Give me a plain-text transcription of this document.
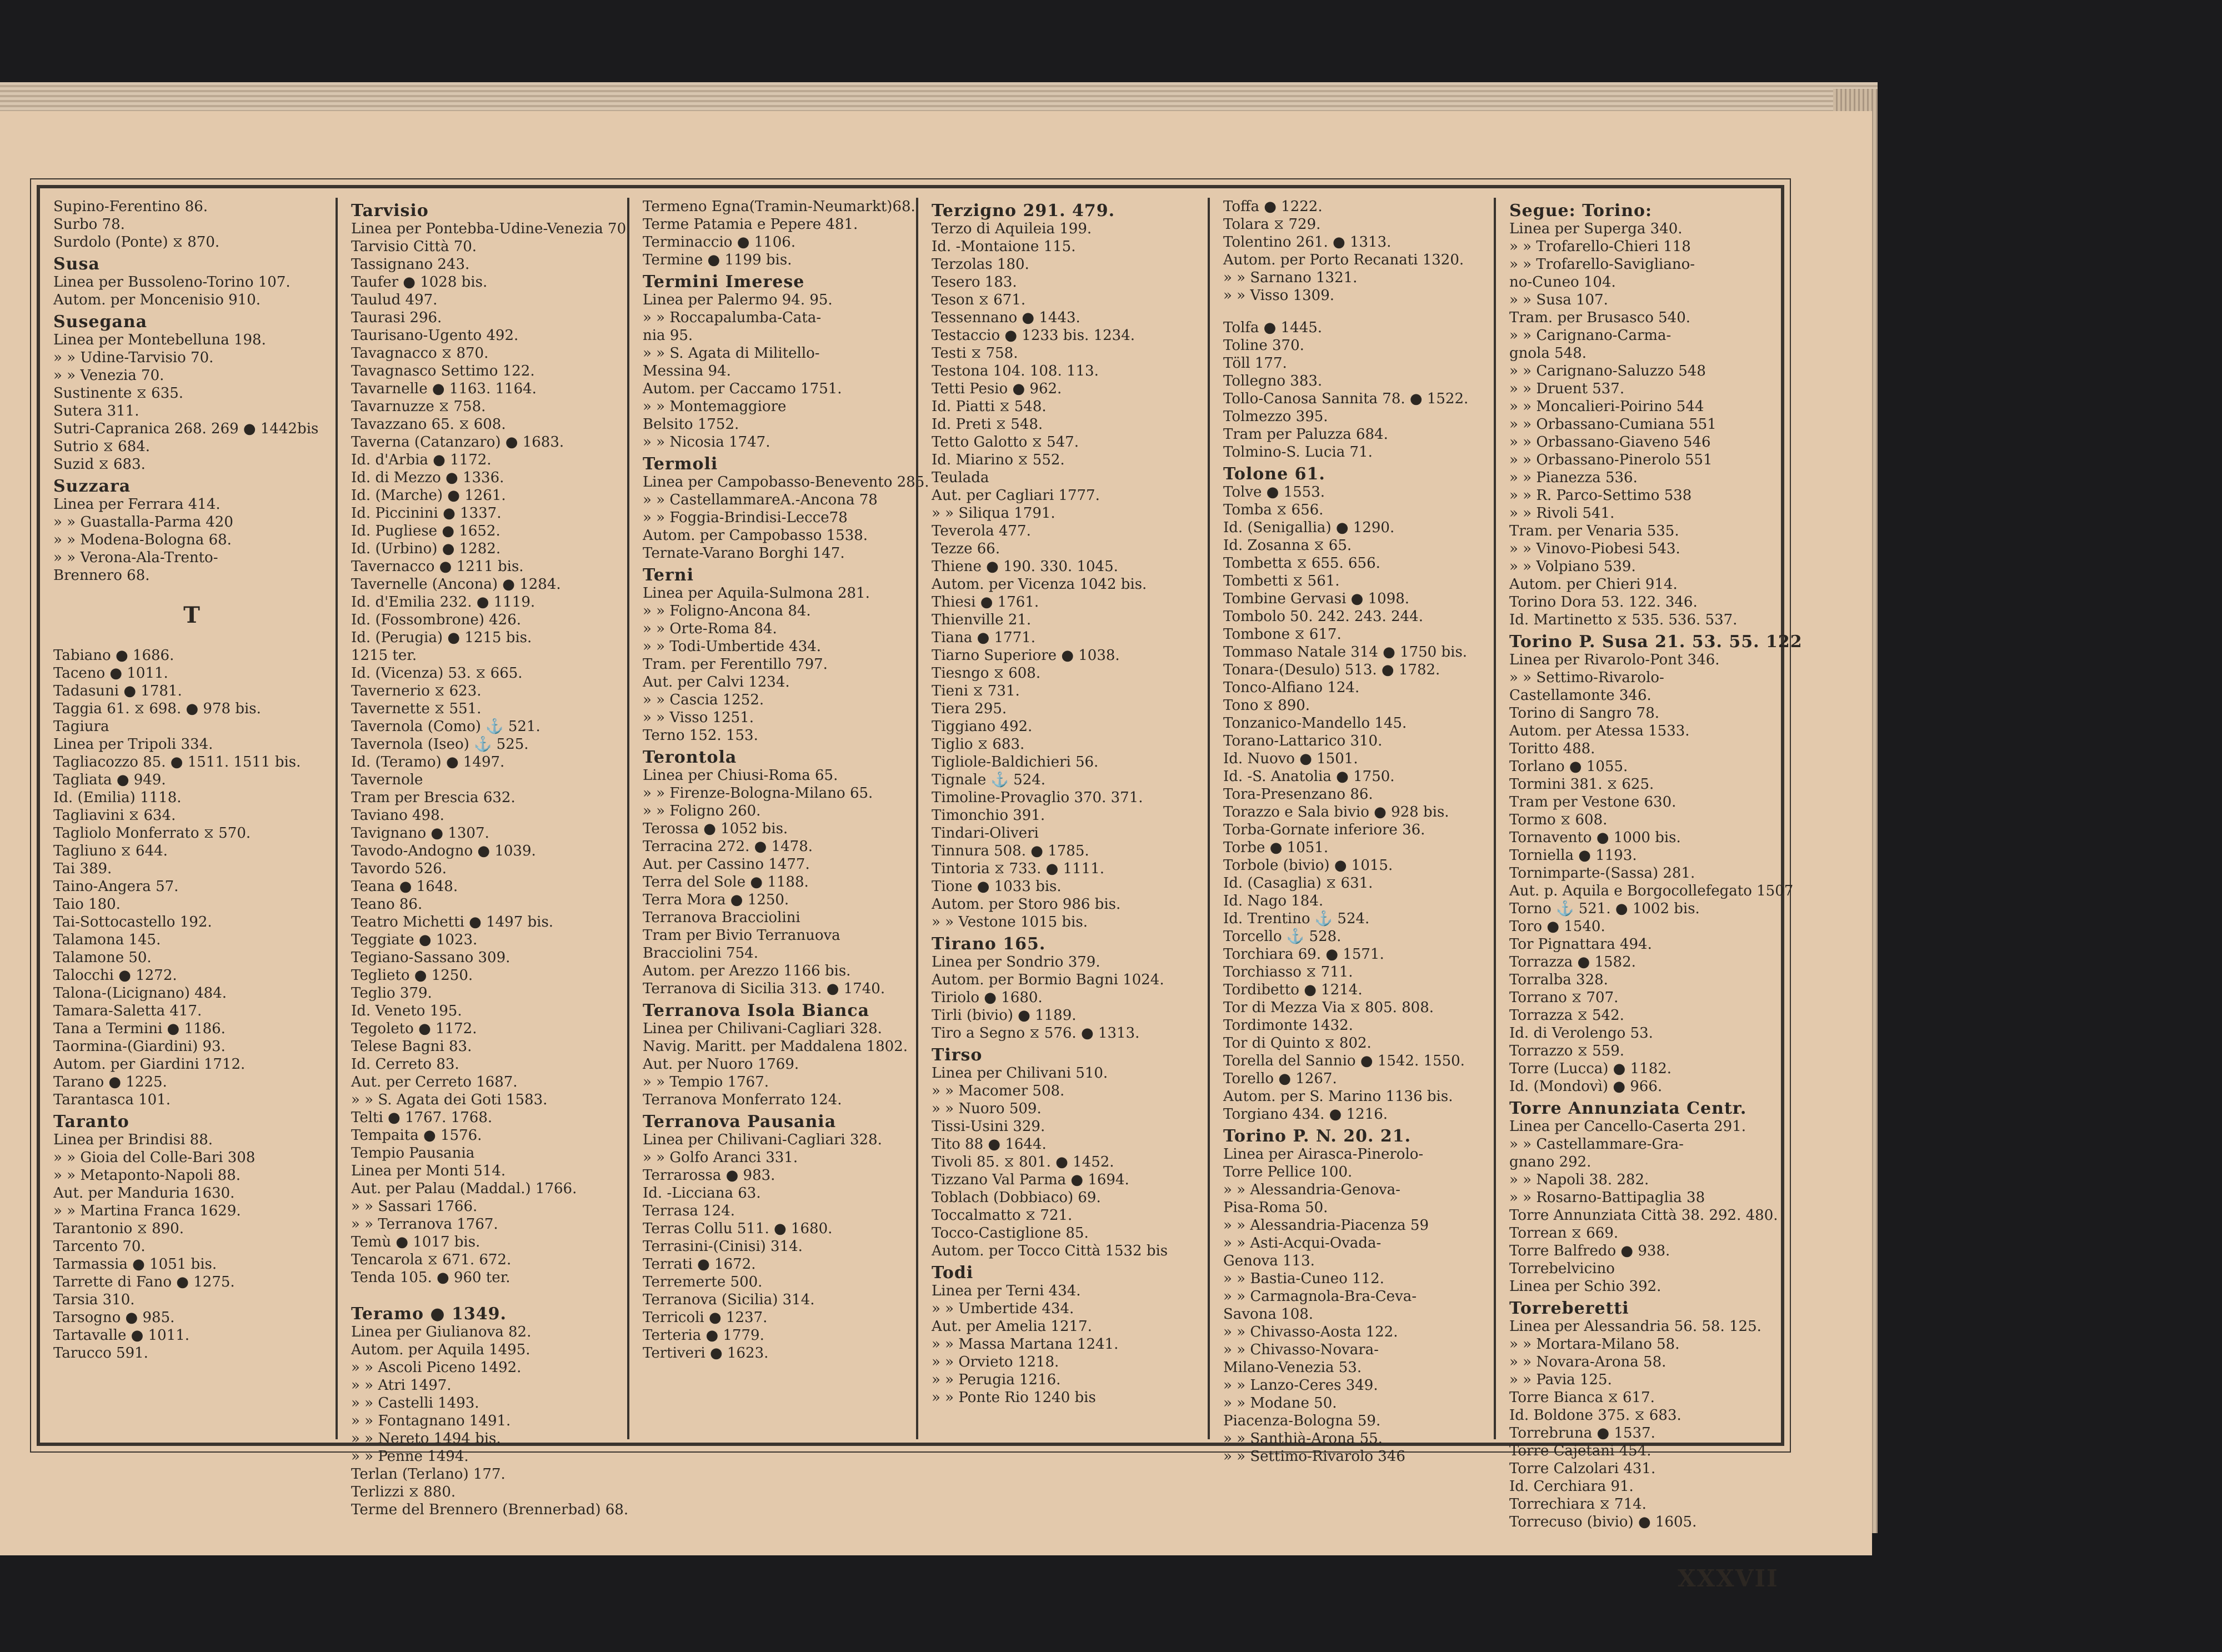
Supino-Ferentino 86.
Surbo 78.
Surdolo (Ponte) ⧖ 870.
Susa
Linea per Bussoleno-Torino 107.
Autom. per Moncenisio 910.
Susegana
Linea per Montebelluna 198.
» » Udine-Tarvisio 70.
» » Venezia 70.
Sustinente ⧖ 635.
Sutera 311.
Sutri-Capranica 268. 269 ● 1442bis
Sutrio ⧖ 684.
Suzid ⧖ 683.
Suzzara
Linea per Ferrara 414.
» » Guastalla-Parma 420
» » Modena-Bologna 68.
» » Verona-Ala-Trento-
Brennero 68.
T
Tabiano ● 1686.
Taceno ● 1011.
Tadasuni ● 1781.
Taggia 61. ⧖ 698. ● 978 bis.
Tagiura
Linea per Tripoli 334.
Tagliacozzo 85. ● 1511. 1511 bis.
Tagliata ● 949.
Id. (Emilia) 1118.
Tagliavini ⧖ 634.
Tagliolo Monferrato ⧖ 570.
Tagliuno ⧖ 644.
Tai 389.
Taino-Angera 57.
Taio 180.
Tai-Sottocastello 192.
Talamona 145.
Talamone 50.
Talocchi ● 1272.
Talona-(Licignano) 484.
Tamara-Saletta 417.
Tana a Termini ● 1186.
Taormina-(Giardini) 93.
Autom. per Giardini 1712.
Tarano ● 1225.
Tarantasca 101.
Taranto
Linea per Brindisi 88.
» » Gioia del Colle-Bari 308
» » Metaponto-Napoli 88.
Aut. per Manduria 1630.
» » Martina Franca 1629.
Tarantonio ⧖ 890.
Tarcento 70.
Tarmassia ● 1051 bis.
Tarrette di Fano ● 1275.
Tarsia 310.
Tarsogno ● 985.
Tartavalle ● 1011.
Tarucco 591.
Tarvisio
Linea per Pontebba-Udine-Venezia 70.
Tarvisio Città 70.
Tassignano 243.
Taufer ● 1028 bis.
Taulud 497.
Taurasi 296.
Taurisano-Ugento 492.
Tavagnacco ⧖ 870.
Tavagnasco Settimo 122.
Tavarnelle ● 1163. 1164.
Tavarnuzze ⧖ 758.
Tavazzano 65. ⧖ 608.
Taverna (Catanzaro) ● 1683.
Id. d'Arbia ● 1172.
Id. di Mezzo ● 1336.
Id. (Marche) ● 1261.
Id. Piccinini ● 1337.
Id. Pugliese ● 1652.
Id. (Urbino) ● 1282.
Tavernacco ● 1211 bis.
Tavernelle (Ancona) ● 1284.
Id. d'Emilia 232. ● 1119.
Id. (Fossombrone) 426.
Id. (Perugia) ● 1215 bis.
1215 ter.
Id. (Vicenza) 53. ⧖ 665.
Tavernerio ⧖ 623.
Tavernette ⧖ 551.
Tavernola (Como) ⚓ 521.
Tavernola (Iseo) ⚓ 525.
Id. (Teramo) ● 1497.
Tavernole
Tram per Brescia 632.
Taviano 498.
Tavignano ● 1307.
Tavodo-Andogno ● 1039.
Tavordo 526.
Teana ● 1648.
Teano 86.
Teatro Michetti ● 1497 bis.
Teggiate ● 1023.
Tegiano-Sassano 309.
Teglieto ● 1250.
Teglio 379.
Id. Veneto 195.
Tegoleto ● 1172.
Telese Bagni 83.
Id. Cerreto 83.
Aut. per Cerreto 1687.
» » S. Agata dei Goti 1583.
Telti ● 1767. 1768.
Tempaita ● 1576.
Tempio Pausania
Linea per Monti 514.
Aut. per Palau (Maddal.) 1766.
» » Sassari 1766.
» » Terranova 1767.
Temù ● 1017 bis.
Tencarola ⧖ 671. 672.
Tenda 105. ● 960 ter.
Teramo ● 1349.
Linea per Giulianova 82.
Autom. per Aquila 1495.
» » Ascoli Piceno 1492.
» » Atri 1497.
» » Castelli 1493.
» » Fontagnano 1491.
» » Nereto 1494 bis.
» » Penne 1494.
Terlan (Terlano) 177.
Terlizzi ⧖ 880.
Terme del Brennero (Brennerbad) 68.
Termeno Egna(Tramin-Neumarkt)68.
Terme Patamia e Pepere 481.
Terminaccio ● 1106.
Termine ● 1199 bis.
Termini Imerese
Linea per Palermo 94. 95.
» » Roccapalumba-Cata-
nia 95.
» » S. Agata di Militello-
Messina 94.
Autom. per Caccamo 1751.
» » Montemaggiore
Belsito 1752.
» » Nicosia 1747.
Termoli
Linea per Campobasso-Benevento 285.
» » CastellammareA.-Ancona 78
» » Foggia-Brindisi-Lecce78
Autom. per Campobasso 1538.
Ternate-Varano Borghi 147.
Terni
Linea per Aquila-Sulmona 281.
» » Foligno-Ancona 84.
» » Orte-Roma 84.
» » Todi-Umbertide 434.
Tram. per Ferentillo 797.
Aut. per Calvi 1234.
» » Cascia 1252.
» » Visso 1251.
Terno 152. 153.
Terontola
Linea per Chiusi-Roma 65.
» » Firenze-Bologna-Milano 65.
» » Foligno 260.
Terossa ● 1052 bis.
Terracina 272. ● 1478.
Aut. per Cassino 1477.
Terra del Sole ● 1188.
Terra Mora ● 1250.
Terranova Bracciolini
Tram per Bivio Terranuova
Bracciolini 754.
Autom. per Arezzo 1166 bis.
Terranova di Sicilia 313. ● 1740.
Terranova Isola Bianca
Linea per Chilivani-Cagliari 328.
Navig. Maritt. per Maddalena 1802.
Aut. per Nuoro 1769.
» » Tempio 1767.
Terranova Monferrato 124.
Terranova Pausania
Linea per Chilivani-Cagliari 328.
» » Golfo Aranci 331.
Terrarossa ● 983.
Id. -Licciana 63.
Terrasa 124.
Terras Collu 511. ● 1680.
Terrasini-(Cinisi) 314.
Terrati ● 1672.
Terremerte 500.
Terranova (Sicilia) 314.
Terricoli ● 1237.
Terteria ● 1779.
Tertiveri ● 1623.
Terzigno 291. 479.
Terzo di Aquileia 199.
Id. -Montaione 115.
Terzolas 180.
Tesero 183.
Teson ⧖ 671.
Tessennano ● 1443.
Testaccio ● 1233 bis. 1234.
Testi ⧖ 758.
Testona 104. 108. 113.
Tetti Pesio ● 962.
Id. Piatti ⧖ 548.
Id. Preti ⧖ 548.
Tetto Galotto ⧖ 547.
Id. Miarino ⧖ 552.
Teulada
Aut. per Cagliari 1777.
» » Siliqua 1791.
Teverola 477.
Tezze 66.
Thiene ● 190. 330. 1045.
Autom. per Vicenza 1042 bis.
Thiesi ● 1761.
Thienville 21.
Tiana ● 1771.
Tiarno Superiore ● 1038.
Tiesngo ⧖ 608.
Tieni ⧖ 731.
Tiera 295.
Tiggiano 492.
Tiglio ⧖ 683.
Tigliole-Baldichieri 56.
Tignale ⚓ 524.
Timoline-Provaglio 370. 371.
Timonchio 391.
Tindari-Oliveri
Tinnura 508. ● 1785.
Tintoria ⧖ 733. ● 1111.
Tione ● 1033 bis.
Autom. per Storo 986 bis.
» » Vestone 1015 bis.
Tirano 165.
Linea per Sondrio 379.
Autom. per Bormio Bagni 1024.
Tiriolo ● 1680.
Tirli (bivio) ● 1189.
Tiro a Segno ⧖ 576. ● 1313.
Tirso
Linea per Chilivani 510.
» » Macomer 508.
» » Nuoro 509.
Tissi-Usini 329.
Tito 88 ● 1644.
Tivoli 85. ⧖ 801. ● 1452.
Tizzano Val Parma ● 1694.
Toblach (Dobbiaco) 69.
Toccalmatto ⧖ 721.
Tocco-Castiglione 85.
Autom. per Tocco Città 1532 bis
Todi
Linea per Terni 434.
» » Umbertide 434.
Aut. per Amelia 1217.
» » Massa Martana 1241.
» » Orvieto 1218.
» » Perugia 1216.
» » Ponte Rio 1240 bis
Toffa ● 1222.
Tolara ⧖ 729.
Tolentino 261. ● 1313.
Autom. per Porto Recanati 1320.
» » Sarnano 1321.
» » Visso 1309.
Tolfa ● 1445.
Toline 370.
Töll 177.
Tollegno 383.
Tollo-Canosa Sannita 78. ● 1522.
Tolmezzo 395.
Tram per Paluzza 684.
Tolmino-S. Lucia 71.
Tolone 61.
Tolve ● 1553.
Tomba ⧖ 656.
Id. (Senigallia) ● 1290.
Id. Zosanna ⧖ 65.
Tombetta ⧖ 655. 656.
Tombetti ⧖ 561.
Tombine Gervasi ● 1098.
Tombolo 50. 242. 243. 244.
Tombone ⧖ 617.
Tommaso Natale 314 ● 1750 bis.
Tonara-(Desulo) 513. ● 1782.
Tonco-Alfiano 124.
Tono ⧖ 890.
Tonzanico-Mandello 145.
Torano-Lattarico 310.
Id. Nuovo ● 1501.
Id. -S. Anatolia ● 1750.
Tora-Presenzano 86.
Torazzo e Sala bivio ● 928 bis.
Torba-Gornate inferiore 36.
Torbe ● 1051.
Torbole (bivio) ● 1015.
Id. (Casaglia) ⧖ 631.
Id. Nago 184.
Id. Trentino ⚓ 524.
Torcello ⚓ 528.
Torchiara 69. ● 1571.
Torchiasso ⧖ 711.
Tordibetto ● 1214.
Tor di Mezza Via ⧖ 805. 808.
Tordimonte 1432.
Tor di Quinto ⧖ 802.
Torella del Sannio ● 1542. 1550.
Torello ● 1267.
Autom. per S. Marino 1136 bis.
Torgiano 434. ● 1216.
Torino P. N. 20. 21.
Linea per Airasca-Pinerolo-
Torre Pellice 100.
» » Alessandria-Genova-
Pisa-Roma 50.
» » Alessandria-Piacenza 59
» » Asti-Acqui-Ovada-
Genova 113.
» » Bastia-Cuneo 112.
» » Carmagnola-Bra-Ceva-
Savona 108.
» » Chivasso-Aosta 122.
» » Chivasso-Novara-
Milano-Venezia 53.
» » Lanzo-Ceres 349.
» » Modane 50.
Piacenza-Bologna 59.
» » Santhià-Arona 55.
» » Settimo-Rivarolo 346
Segue: Torino:
Linea per Superga 340.
» » Trofarello-Chieri 118
» » Trofarello-Savigliano-
no-Cuneo 104.
» » Susa 107.
Tram. per Brusasco 540.
» » Carignano-Carma-
gnola 548.
» » Carignano-Saluzzo 548
» » Druent 537.
» » Moncalieri-Poirino 544
» » Orbassano-Cumiana 551
» » Orbassano-Giaveno 546
» » Orbassano-Pinerolo 551
» » Pianezza 536.
» » R. Parco-Settimo 538
» » Rivoli 541.
Tram. per Venaria 535.
» » Vinovo-Piobesi 543.
» » Volpiano 539.
Autom. per Chieri 914.
Torino Dora 53. 122. 346.
Id. Martinetto ⧖ 535. 536. 537.
Torino P. Susa 21. 53. 55. 122
Linea per Rivarolo-Pont 346.
» » Settimo-Rivarolo-
Castellamonte 346.
Torino di Sangro 78.
Autom. per Atessa 1533.
Toritto 488.
Torlano ● 1055.
Tormini 381. ⧖ 625.
Tram per Vestone 630.
Tormo ⧖ 608.
Tornavento ● 1000 bis.
Torniella ● 1193.
Tornimparte-(Sassa) 281.
Aut. p. Aquila e Borgocollefegato 1507
Torno ⚓ 521. ● 1002 bis.
Toro ● 1540.
Tor Pignattara 494.
Torrazza ● 1582.
Torralba 328.
Torrano ⧖ 707.
Torrazza ⧖ 542.
Id. di Verolengo 53.
Torrazzo ⧖ 559.
Torre (Lucca) ● 1182.
Id. (Mondovì) ● 966.
Torre Annunziata Centr.
Linea per Cancello-Caserta 291.
» » Castellammare-Gra-
gnano 292.
» » Napoli 38. 282.
» » Rosarno-Battipaglia 38
Torre Annunziata Città 38. 292. 480.
Torrean ⧖ 669.
Torre Balfredo ● 938.
Torrebelvicino
Linea per Schio 392.
Torreberetti
Linea per Alessandria 56. 58. 125.
» » Mortara-Milano 58.
» » Novara-Arona 58.
» » Pavia 125.
Torre Bianca ⧖ 617.
Id. Boldone 375. ⧖ 683.
Torrebruna ● 1537.
Torre Cajetani 454.
Torre Calzolari 431.
Id. Cerchiara 91.
Torrechiara ⧖ 714.
Torrecuso (bivio) ● 1605.
XXXVII
